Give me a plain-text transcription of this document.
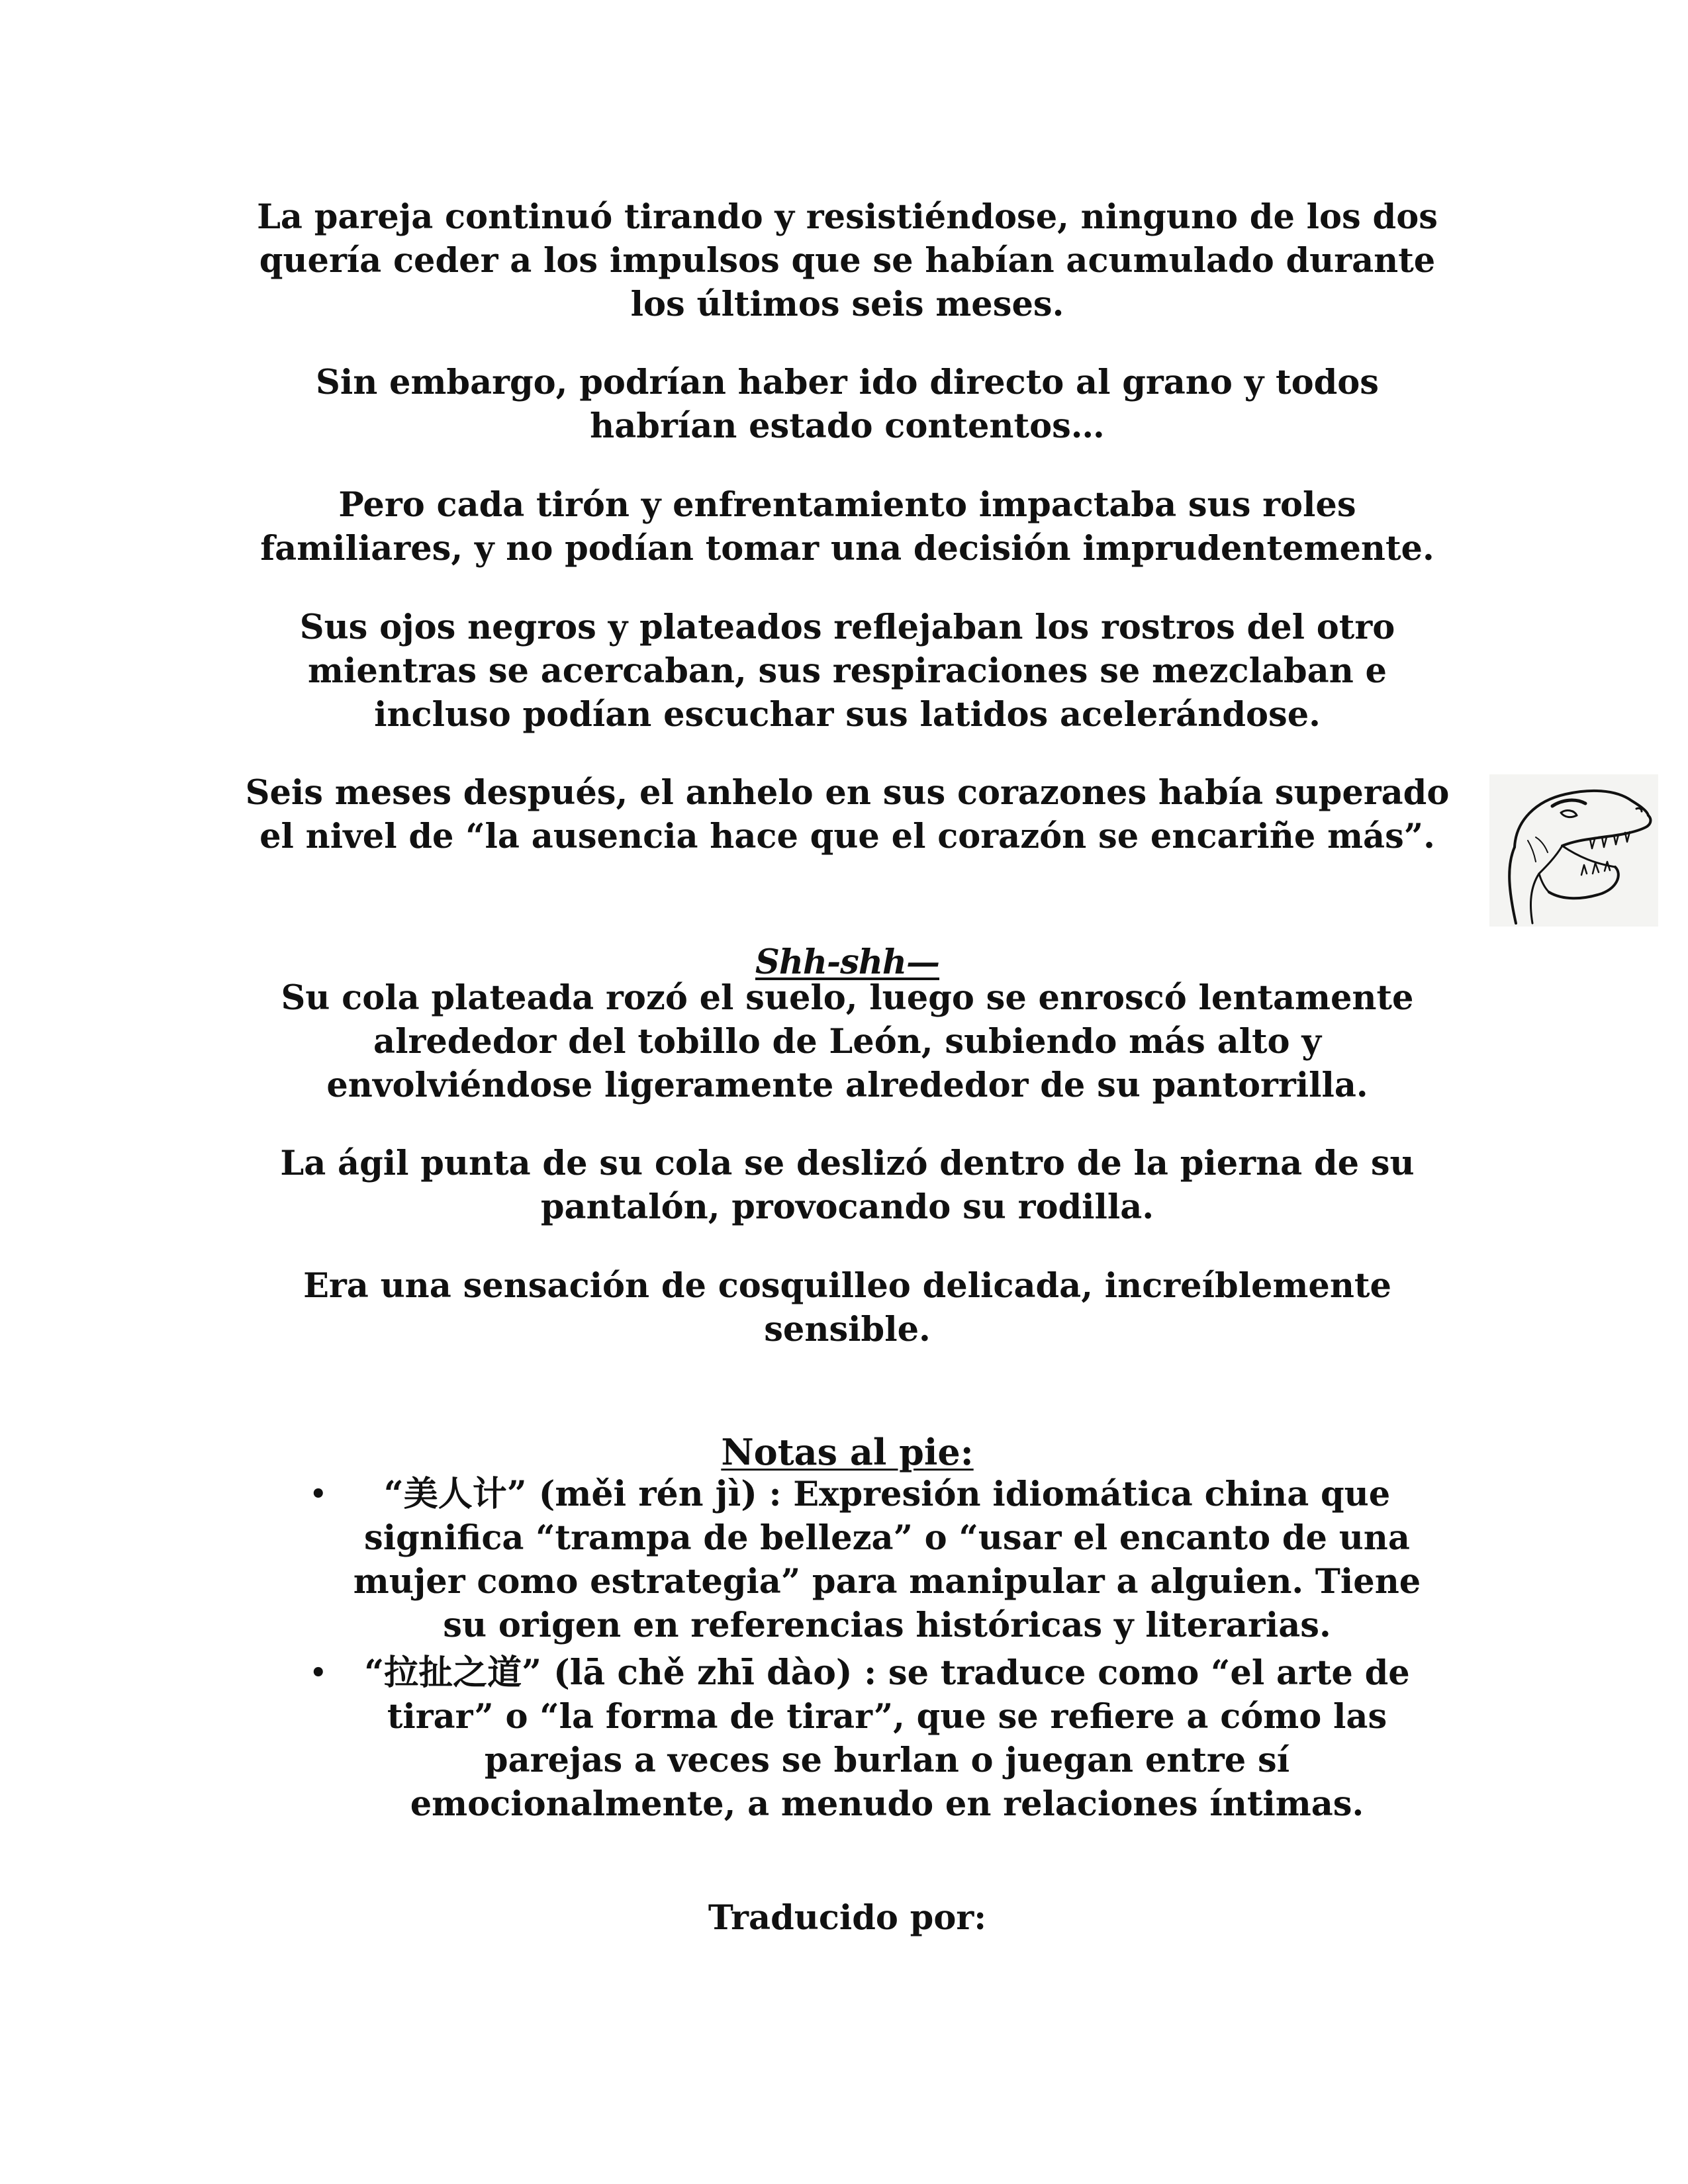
La pareja continuó tirando y resistiéndose, ninguno de los dos
quería ceder a los impulsos que se habían acumulado durante
los últimos seis meses.
Sin embargo, podrían haber ido directo al grano y todos
habrían estado contentos…
Pero cada tirón y enfrentamiento impactaba sus roles
familiares, y no podían tomar una decisión imprudentemente.
Sus ojos negros y plateados reflejaban los rostros del otro
mientras se acercaban, sus respiraciones se mezclaban e
incluso podían escuchar sus latidos acelerándose.
Seis meses después, el anhelo en sus corazones había superado
el nivel de “la ausencia hace que el corazón se encariñe más”.

Shh-shh—

Su cola plateada rozó el suelo, luego se enroscó lentamente
alrededor del tobillo de León, subiendo más alto y
envolviéndose ligeramente alrededor de su pantorrilla.
La ágil punta de su cola se deslizó dentro de la pierna de su
pantalón, provocando su rodilla.
Era una sensación de cosquilleo delicada, increíblemente
sensible.

Notas al pie:

• “美人计” (měi rén jì) : Expresión idiomática china que
significa “trampa de belleza” o “usar el encanto de una
mujer como estrategia” para manipular a alguien. Tiene
su origen en referencias históricas y literarias.
• “拉扯之道” (lā chě zhī dào) : se traduce como “el arte de
tirar” o “la forma de tirar”, que se refiere a cómo las
parejas a veces se burlan o juegan entre sí
emocionalmente, a menudo en relaciones íntimas.
Traducido por:
